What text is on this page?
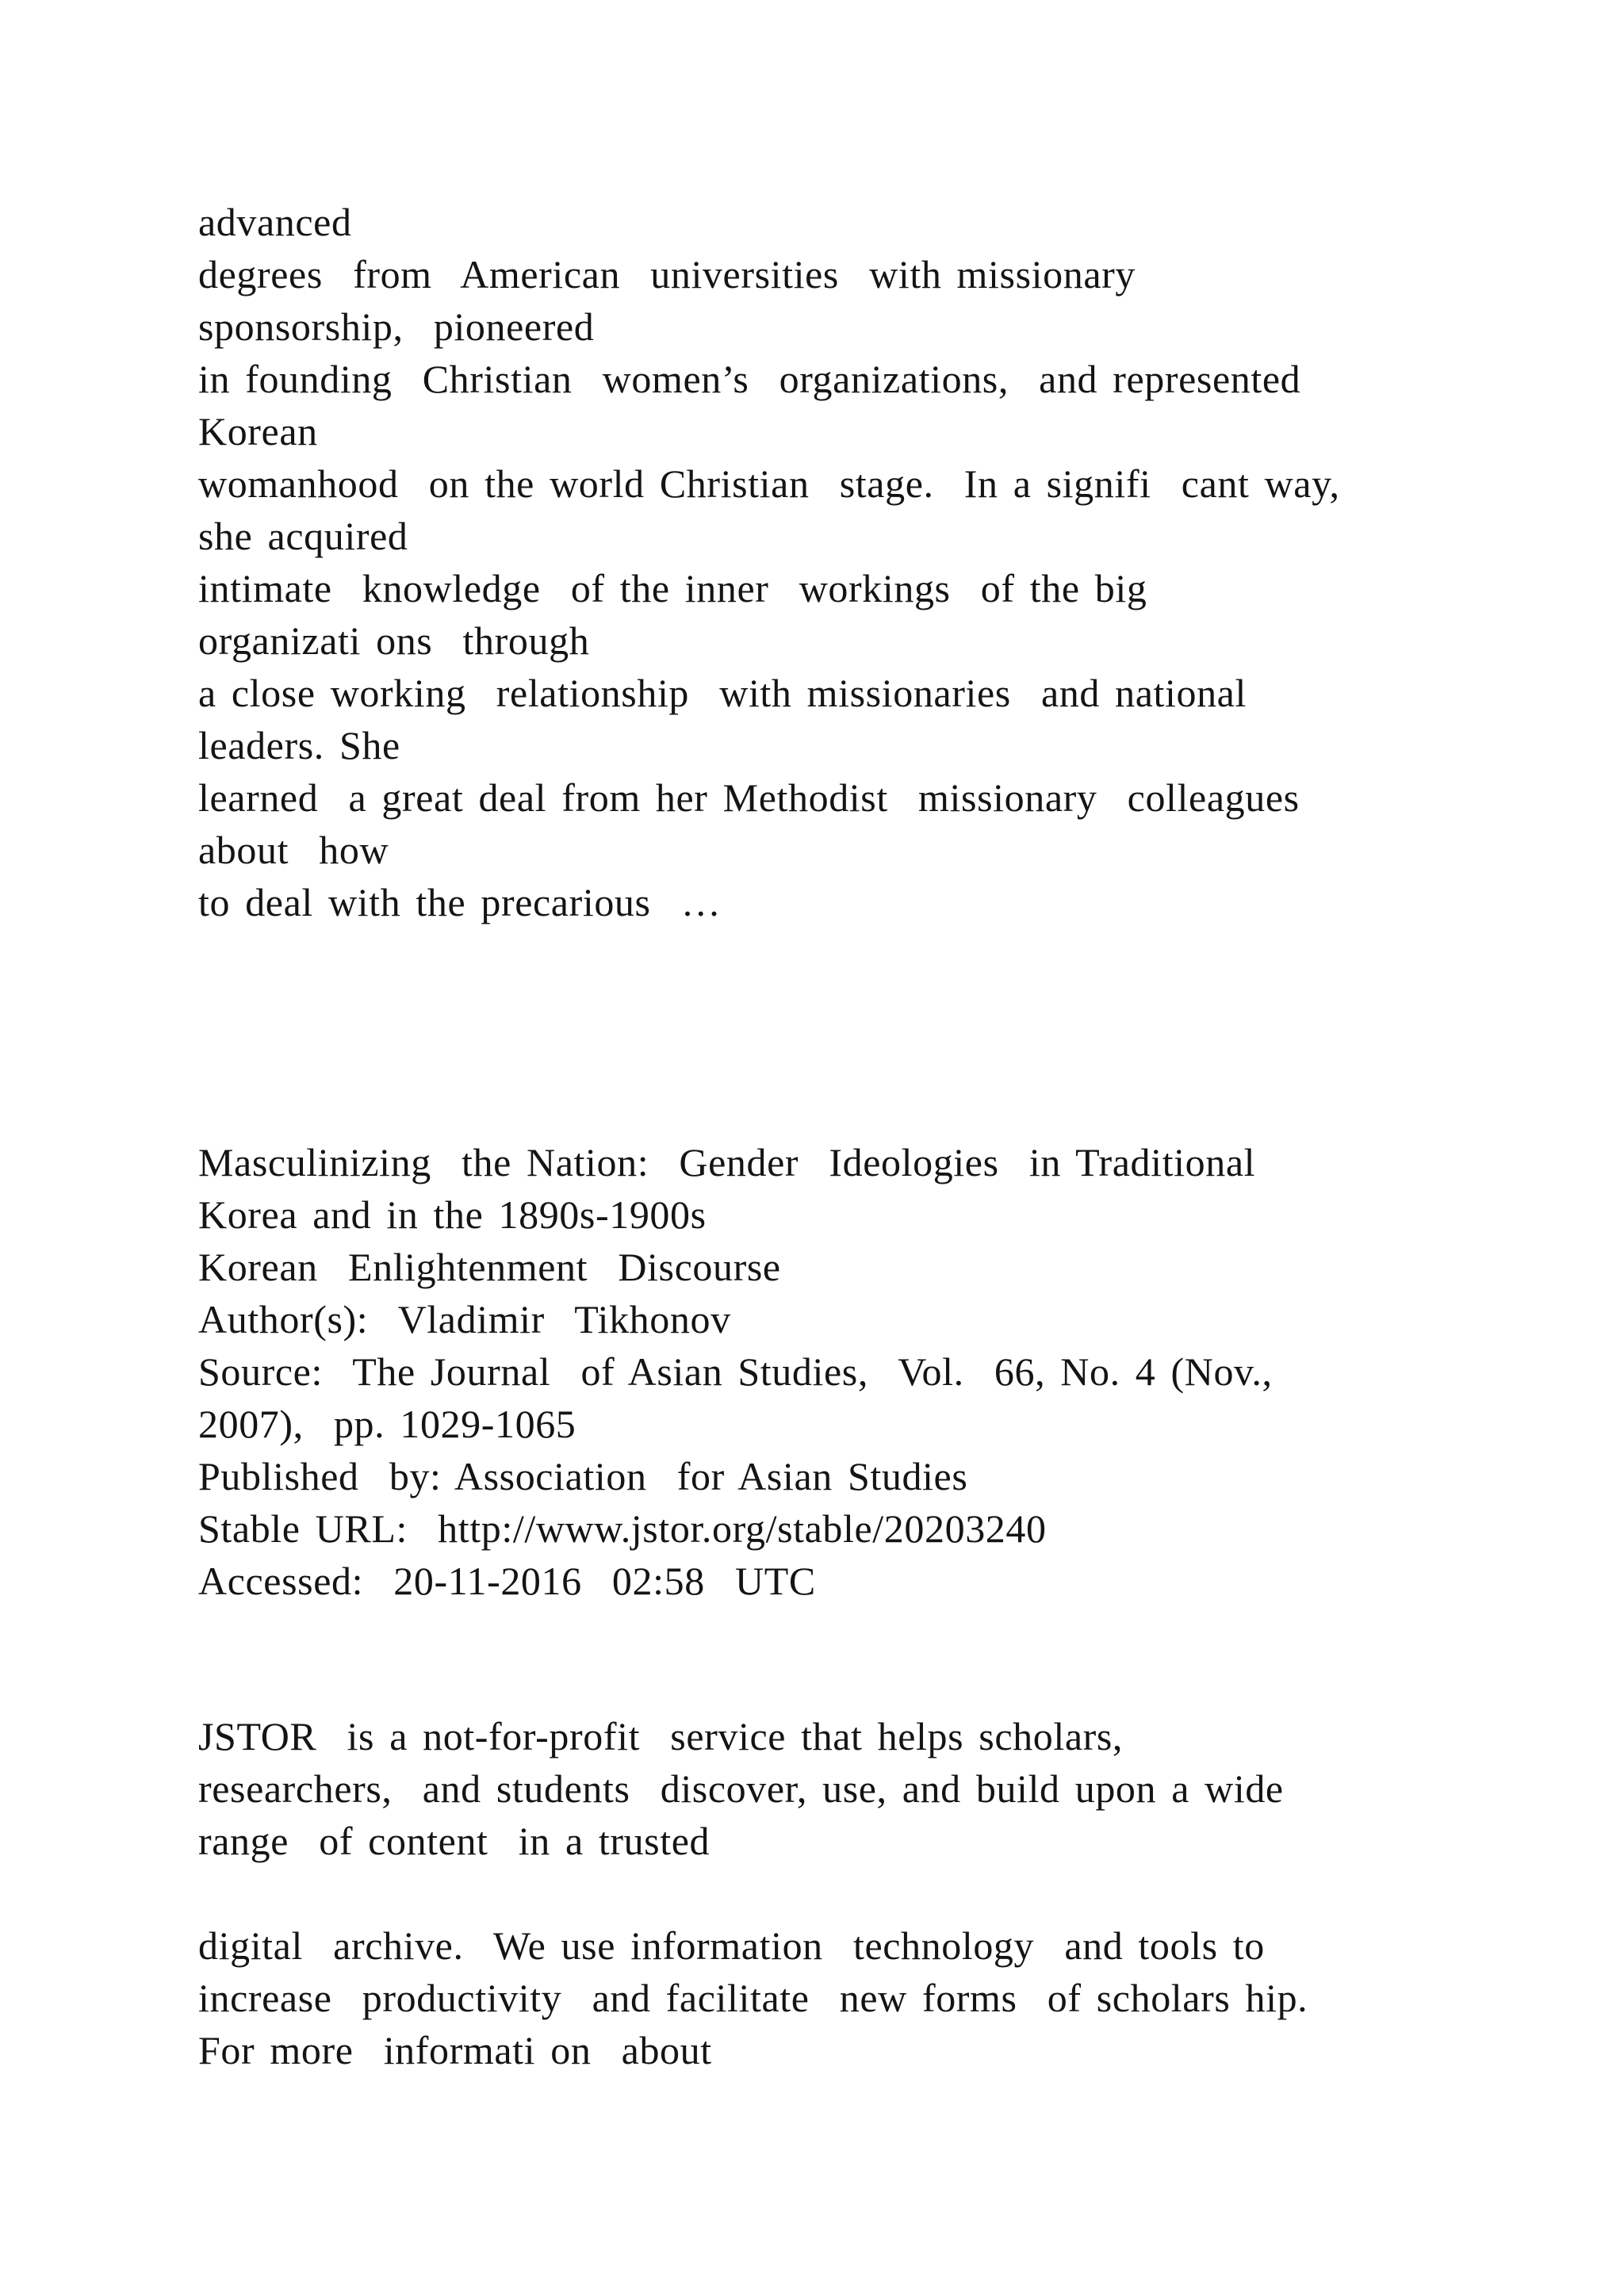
advanced
degrees  from  American  universities  with missionary
sponsorship,  pioneered
in founding  Christian  women’s  organizations,  and represented
Korean
womanhood  on the world Christian  stage.  In a signifi  cant way,
she acquired
intimate  knowledge  of the inner  workings  of the big
organizati ons  through
a close working  relationship  with missionaries  and national
leaders. She
learned  a great deal from her Methodist  missionary  colleagues
about  how
to deal with the precarious  …
Masculinizing  the Nation:  Gender  Ideologies  in Traditional
Korea and in the 1890s-1900s
Korean  Enlightenment  Discourse
Author(s):  Vladimir  Tikhonov
Source:  The Journal  of Asian Studies,  Vol.  66, No. 4 (Nov.,
2007),  pp. 1029-1065
Published  by: Association  for Asian Studies
Stable URL:  http://www.jstor.org/stable/20203240
Accessed:  20-11-2016  02:58  UTC
JSTOR  is a not-for-profit  service that helps scholars,
researchers,  and students  discover, use, and build upon a wide
range  of content  in a trusted
digital  archive.  We use information  technology  and tools to
increase  productivity  and facilitate  new forms  of scholars hip.
For more  informati on  about
